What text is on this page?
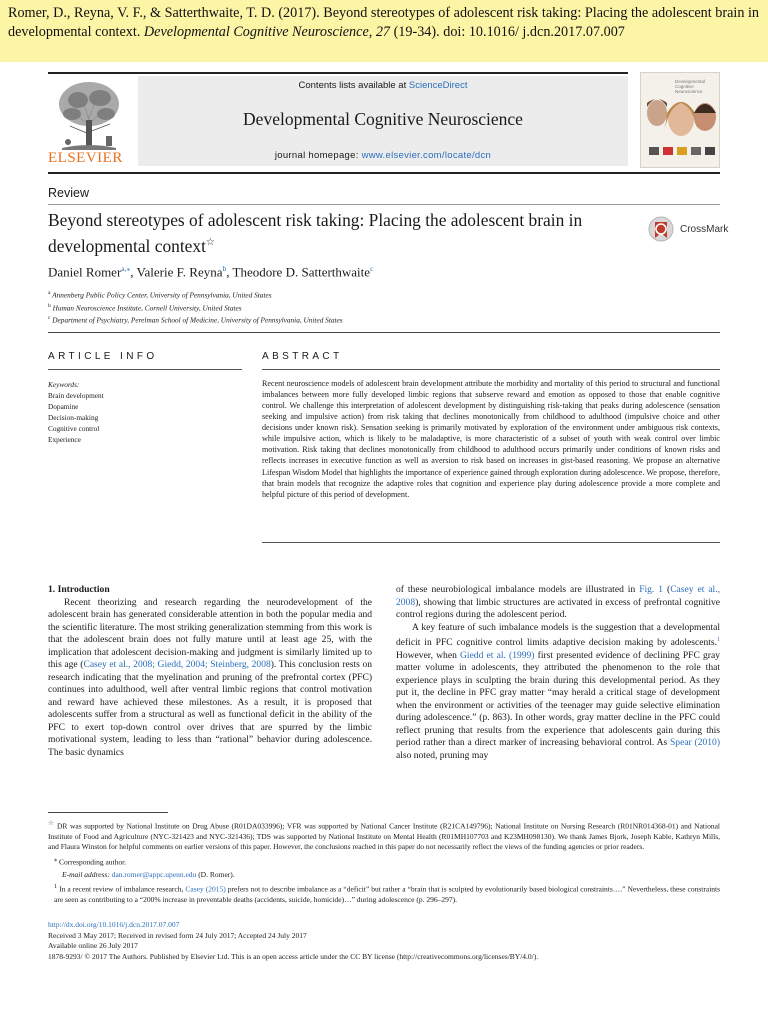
Romer, D., Reyna, V. F., & Satterthwaite, T. D. (2017). Beyond stereotypes of adolescent risk taking: Placing the adolescent brain in developmental context. Developmental Cognitive Neuroscience, 27 (19-34). doi: 10.1016/ j.dcn.2017.07.007
ELSEVIER
Contents lists available at ScienceDirect
Developmental Cognitive Neuroscience
journal homepage: www.elsevier.com/locate/dcn
Developmental Cognitive Neuroscience
Review
Beyond stereotypes of adolescent risk taking: Placing the adolescent brain in developmental context☆
CrossMark
Daniel Romer$^{a,⁎}$, Valerie F. Reyna$^b$, Theodore D. Satterthwaite$^c$
$^a$ Annenberg Public Policy Center, University of Pennsylvania, United States
$^b$ Human Neuroscience Institute, Cornell University, United States
$^c$ Department of Psychiatry, Perelman School of Medicine, University of Pennsylvania, United States
ARTICLE INFO
Keywords:
Brain development
Dopamine
Decision-making
Cognitive control
Experience
ABSTRACT
Recent neuroscience models of adolescent brain development attribute the morbidity and mortality of this period to structural and functional imbalances between more fully developed limbic regions that subserve reward and emotion as opposed to those that enable cognitive control. We challenge this interpretation of adolescent development by distinguishing risk-taking that peaks during adolescence (sensation seeking and impulsive action) from risk taking that declines monotonically from childhood to adulthood (impulsive choice and other decisions under known risk). Sensation seeking is primarily motivated by exploration of the environment under ambiguous risk contexts, while impulsive action, which is likely to be maladaptive, is more characteristic of a subset of youth with weak control over limbic motivation. Risk taking that declines monotonically from childhood to adulthood occurs primarily under conditions of known risks and reflects increases in executive function as well as aversion to risk based on increases in gist-based reasoning. We propose an alternative Lifespan Wisdom Model that highlights the importance of experience gained through exploration during adolescence. We propose, therefore, that brain models that recognize the adaptive roles that cognition and experience play during adolescence provide a more complete and helpful picture of this period of development.

1. Introduction

Recent theorizing and research regarding the neurodevelopment of the adolescent brain has generated considerable attention in both the popular media and the scientific literature. The most striking generalization stemming from this work is that the adolescent brain does not fully mature until at least age 25, with the implication that adolescent decision-making and judgment is similarly limited up to this age (Casey et al., 2008; Giedd, 2004; Steinberg, 2008). This conclusion rests on research indicating that the myelination and pruning of the prefrontal cortex (PFC) continues into adulthood, well after ventral limbic regions that control motivation and reward have achieved these milestones. As a result, it is proposed that adolescents suffer from a structural as well as functional deficit in the ability of the PFC to exert top-down control over drives that are spurred by the limbic motivational system, leading to less than “rational” behavior during adolescence. The basic dynamics

of these neurobiological imbalance models are illustrated in Fig. 1 (Casey et al., 2008), showing that limbic structures are activated in excess of prefrontal cognitive control regions during the adolescent period.

A key feature of such imbalance models is the suggestion that a developmental deficit in PFC cognitive control limits adaptive decision making by adolescents.$^1$ However, when Giedd et al. (1999) first presented evidence of declining PFC gray matter volume in adolescents, they attributed the phenomenon to the role that experience plays in sculpting the brain during this developmental period. As they put it, the decline in PFC gray matter “may herald a critical stage of development when the environment or activities of the teenager may guide selective elimination during adolescence.” (p. 863). In other words, gray matter decline in the PFC could reflect pruning that results from the experience that adolescents gain during this period rather than a direct marker of increasing behavioral control. As Spear (2010) also noted, pruning may

☆ DR was supported by National Institute on Drug Abuse (R01DA033996); VFR was supported by National Cancer Institute (R21CA149796); National Institute on Nursing Research (R01NR014368-01) and National Institute of Food and Agriculture (NYC-321423 and NYC-321436); TDS was supported by National Institute on Mental Health (R01MH107703 and K23MH098130). We thank James Bjork, Joseph Kable, Kathryn Mills, and Flaura Winston for helpful comments on earlier versions of this paper. However, the conclusions reached in this paper do not necessarily reflect the views of the funding agencies or prior readers.

⁎ Corresponding author.

E-mail address: dan.romer@appc.upenn.edu (D. Romer).

$^1$ In a recent review of imbalance research, Casey (2015) prefers not to describe imbalance as a “deficit” but rather a “brain that is sculpted by evolutionarily based biological constraints….” Nevertheless, these constraints are seen as contributing to a “200% increase in preventable deaths (accidents, suicide, homicide)…” during adolescence (p. 296–297).

http://dx.doi.org/10.1016/j.dcn.2017.07.007
Received 3 May 2017; Received in revised form 24 July 2017; Accepted 24 July 2017
Available online 26 July 2017
1878-9293/ © 2017 The Authors. Published by Elsevier Ltd. This is an open access article under the CC BY license (http://creativecommons.org/licenses/BY/4.0/).
